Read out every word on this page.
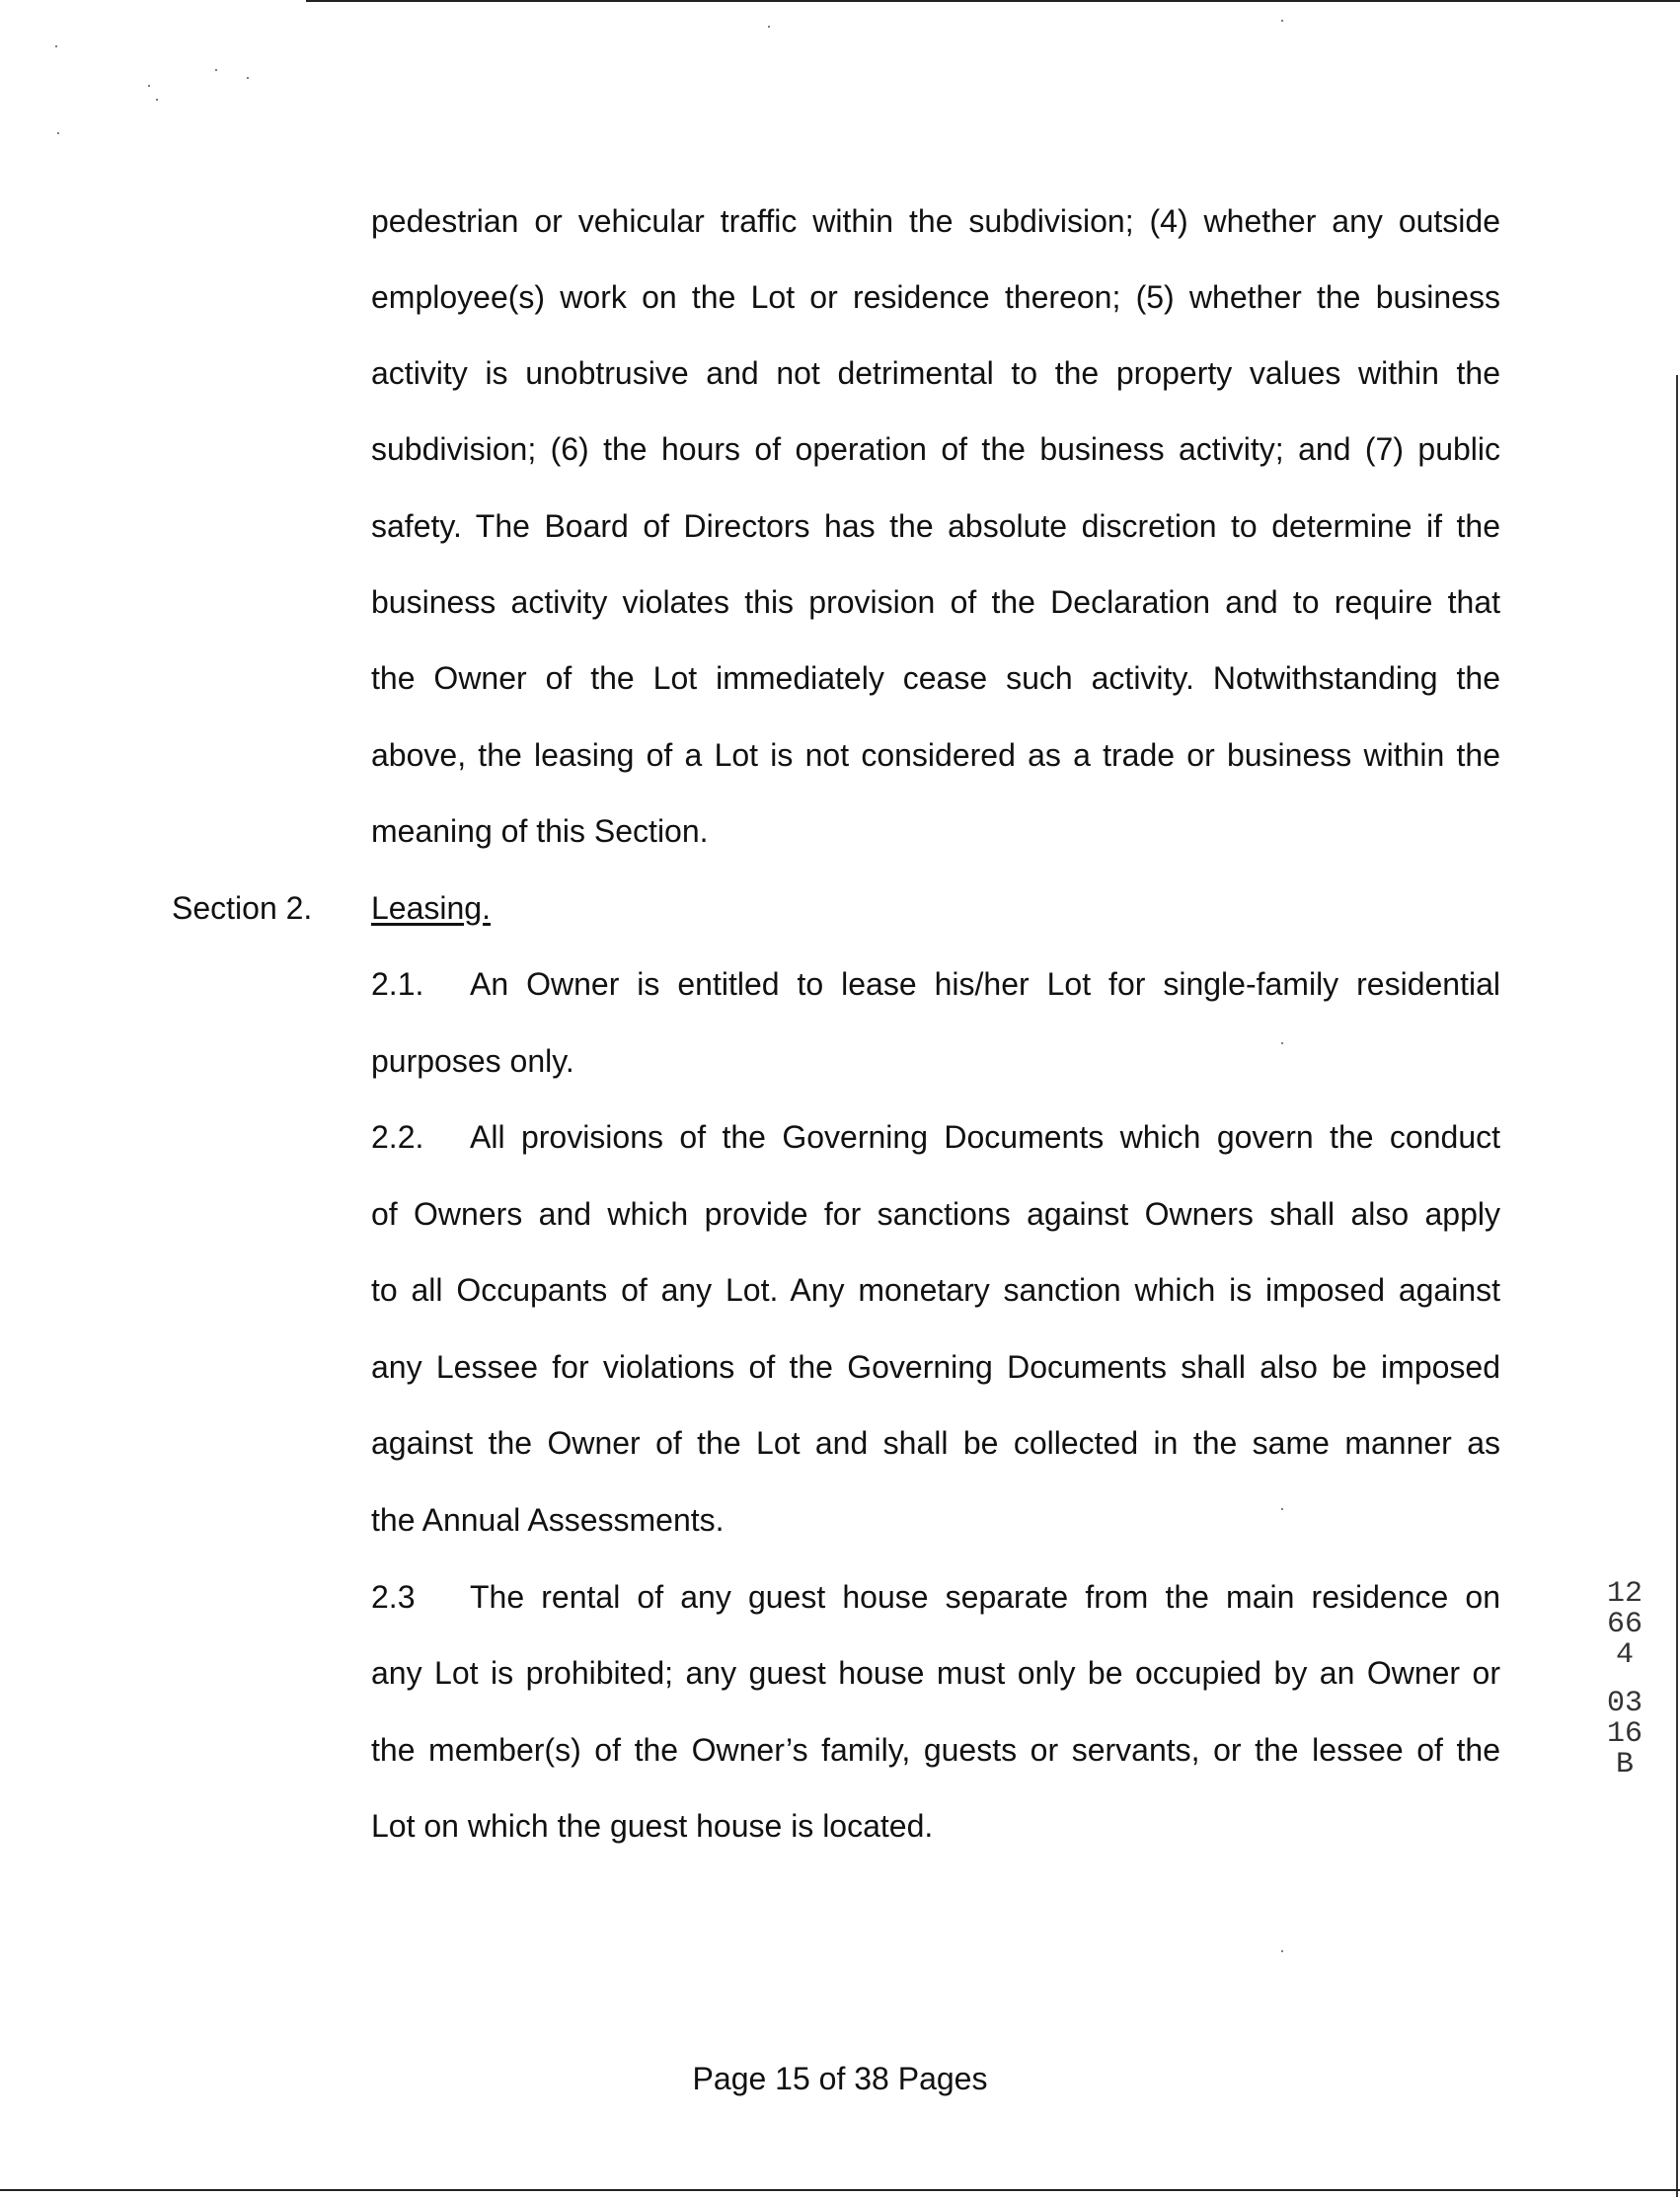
pedestrian or vehicular traffic within the subdivision; (4) whether any outside
employee(s) work on the Lot or residence thereon; (5) whether the business
activity is unobtrusive and not detrimental to the property values within the
subdivision; (6) the hours of operation of the business activity; and (7) public
safety. The Board of Directors has the absolute discretion to determine if the
business activity violates this provision of the Declaration and to require that
the Owner of the Lot immediately cease such activity. Notwithstanding the
above, the leasing of a Lot is not considered as a trade or business within the
meaning of this Section.
Section 2. Leasing.
2.1. An Owner is entitled to lease his/her Lot for single-family residential
purposes only.
2.2. All provisions of the Governing Documents which govern the conduct
of Owners and which provide for sanctions against Owners shall also apply
to all Occupants of any Lot. Any monetary sanction which is imposed against
any Lessee for violations of the Governing Documents shall also be imposed
against the Owner of the Lot and shall be collected in the same manner as
the Annual Assessments.
2.3 The rental of any guest house separate from the main residence on
any Lot is prohibited; any guest house must only be occupied by an Owner or
the member(s) of the Owner’s family, guests or servants, or the lessee of the
Lot on which the guest house is located.
12664
0316B
Page 15 of 38 Pages
